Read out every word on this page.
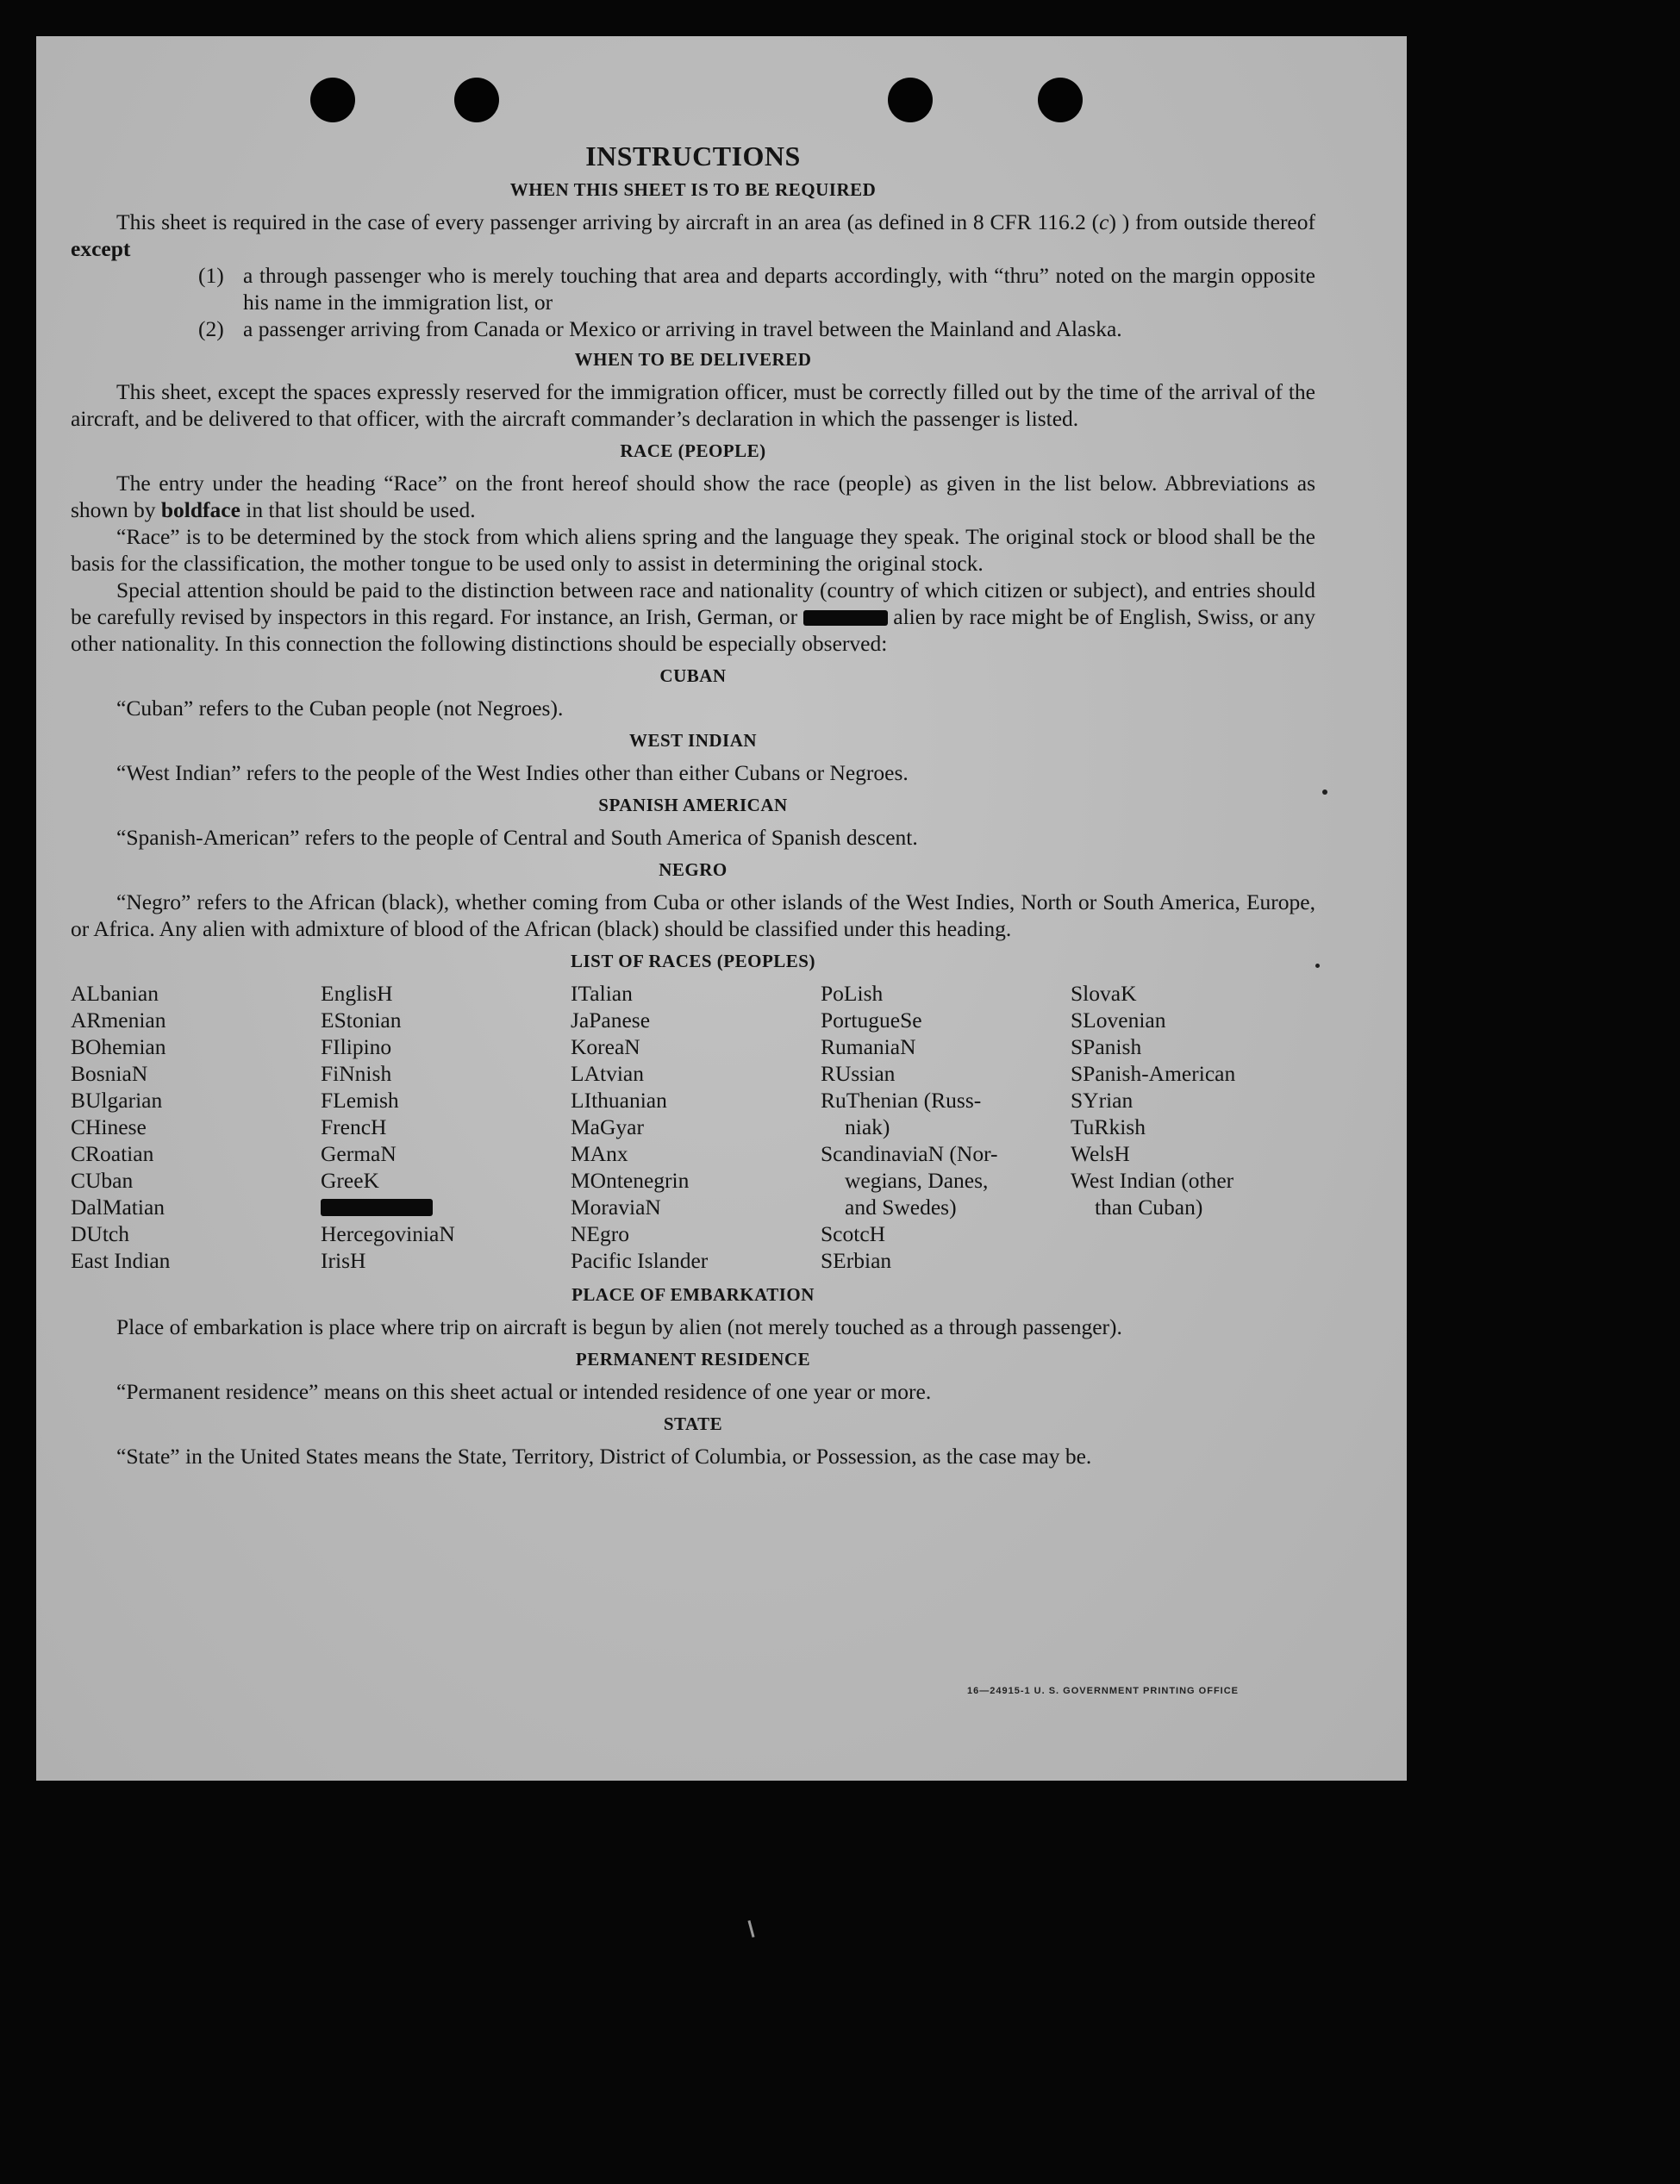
INSTRUCTIONS
WHEN THIS SHEET IS TO BE REQUIRED

This sheet is required in the case of every passenger arriving by aircraft in an area (as defined in 8 CFR 116.2 (c) ) from outside thereof except

(1) a through passenger who is merely touching that area and departs accordingly, with “thru” noted on the margin opposite his name in the immigration list, or
(2) a passenger arriving from Canada or Mexico or arriving in travel between the Mainland and Alaska.
WHEN TO BE DELIVERED

This sheet, except the spaces expressly reserved for the immigration officer, must be correctly filled out by the time of the arrival of the aircraft, and be delivered to that officer, with the aircraft commander’s declaration in which the passenger is listed.

RACE (PEOPLE)

The entry under the heading “Race” on the front hereof should show the race (people) as given in the list below. Abbreviations as shown by boldface in that list should be used.

“Race” is to be determined by the stock from which aliens spring and the language they speak. The original stock or blood shall be the basis for the classification, the mother tongue to be used only to assist in determining the original stock.

Special attention should be paid to the distinction between race and nationality (country of which citizen or subject), and entries should be carefully revised by inspectors in this regard. For instance, an Irish, German, or	alien by race might be of English, Swiss, or any other nationality. In this connection the following distinctions should be especially observed:

CUBAN

“Cuban” refers to the Cuban people (not Negroes).

WEST INDIAN

“West Indian” refers to the people of the West Indies other than either Cubans or Negroes.

SPANISH AMERICAN

“Spanish-American” refers to the people of Central and South America of Spanish descent.

NEGRO

“Negro” refers to the African (black), whether coming from Cuba or other islands of the West Indies, North or South America, Europe, or Africa. Any alien with admixture of blood of the African (black) should be classified under this heading.

LIST OF RACES (PEOPLES)
ALbanian
ARmenian
BOhemian
BosniaN
BUlgarian
CHinese
CRoatian
CUban
DalMatian
DUtch
East Indian
EnglisH
EStonian
FIlipino
FiNnish
FLemish
FrencH
GermaN
GreeK
HercegoviniaN
IrisH
ITalian
JaPanese
KoreaN
LAtvian
LIthuanian
MaGyar
MAnx
MOntenegrin
MoraviaN
NEgro
Pacific Islander
PoLish
PortugueSe
RumaniaN
RUssian
RuThenian (Russ-
niak)
ScandinaviaN (Nor-
wegians, Danes,
and Swedes)
ScotcH
SErbian
SlovaK
SLovenian
SPanish
SPanish-American
SYrian
TuRkish
WelsH
West Indian (other
than Cuban)
PLACE OF EMBARKATION

Place of embarkation is place where trip on aircraft is begun by alien (not merely touched as a through passenger).

PERMANENT RESIDENCE

“Permanent residence” means on this sheet actual or intended residence of one year or more.

STATE

“State” in the United States means the State, Territory, District of Columbia, or Possession, as the case may be.

16—24915-1 U. S. GOVERNMENT PRINTING OFFICE
